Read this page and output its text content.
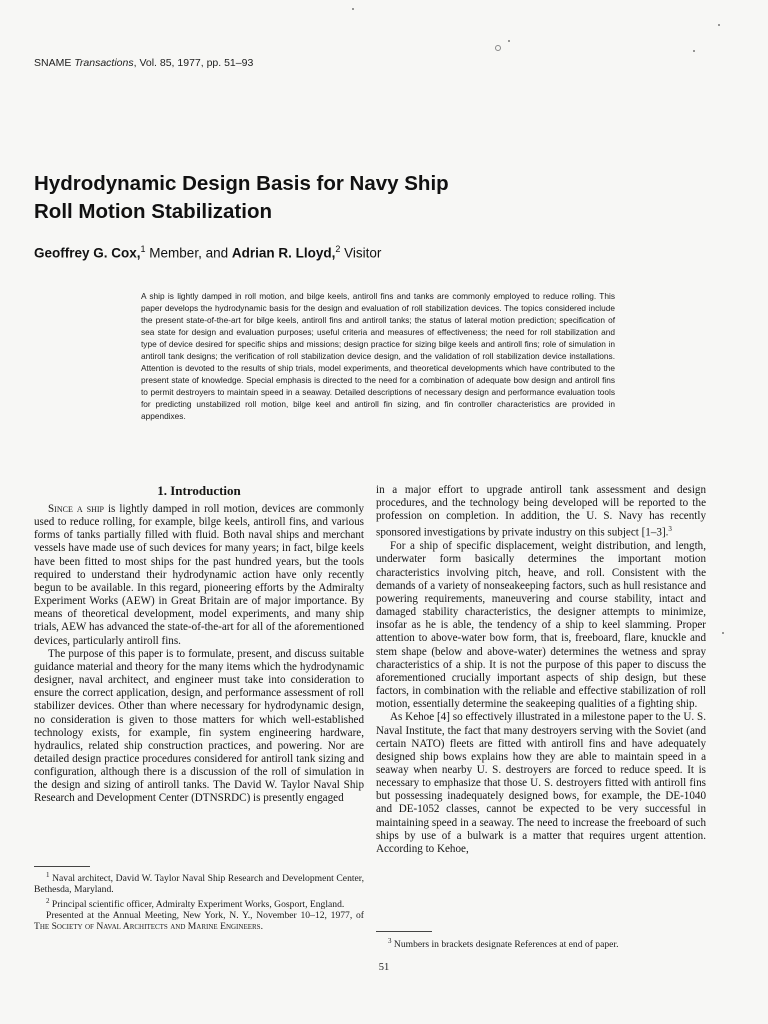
SNAME Transactions, Vol. 85, 1977, pp. 51–93
Hydrodynamic Design Basis for Navy Ship
Roll Motion Stabilization
Geoffrey G. Cox,$^1$ Member, and Adrian R. Lloyd,$^2$ Visitor

A ship is lightly damped in roll motion, and bilge keels, antiroll fins and tanks are commonly employed to reduce rolling. This paper develops the hydrodynamic basis for the design and evaluation of roll stabilization devices. The topics considered include the present state-of-the-art for bilge keels, antiroll fins and antiroll tanks; the status of lateral motion prediction; specification of sea state for design and evaluation purposes; useful criteria and measures of effectiveness; the need for roll stabilization and type of device desired for specific ships and missions; design practice for sizing bilge keels and antiroll fins; role of simulation in antiroll tank designs; the verification of roll stabilization device design, and the validation of roll stabilization device installations. Attention is devoted to the results of ship trials, model experiments, and theoretical developments which have contributed to the present state of knowledge. Special emphasis is directed to the need for a combination of adequate bow design and antiroll fins to permit destroyers to maintain speed in a seaway. Detailed descriptions of necessary design and performance evaluation tools for predicting unstabilized roll motion, bilge keel and antiroll fin sizing, and fin controller characteristics are provided in appendixes.

1. Introduction

Since a ship is lightly damped in roll motion, devices are commonly used to reduce rolling, for example, bilge keels, antiroll fins, and various forms of tanks partially filled with fluid. Both naval ships and merchant vessels have made use of such devices for many years; in fact, bilge keels have been fitted to most ships for the past hundred years, but the tools required to understand their hydrodynamic action have only recently begun to be available. In this regard, pioneering efforts by the Admiralty Experiment Works (AEW) in Great Britain are of major importance. By means of theoretical development, model experiments, and many ship trials, AEW has advanced the state-of-the-art for all of the aforementioned devices, particularly antiroll fins.

The purpose of this paper is to formulate, present, and discuss suitable guidance material and theory for the many items which the hydrodynamic designer, naval architect, and engineer must take into consideration to ensure the correct application, design, and performance assessment of roll stabilizer devices. Other than where necessary for hydrodynamic design, no consideration is given to those matters for which well-established technology exists, for example, fin system engineering hardware, hydraulics, related ship construction practices, and powering. Nor are detailed design practice procedures considered for antiroll tank sizing and configuration, although there is a discussion of the roll of simulation in the design and sizing of antiroll tanks. The David W. Taylor Naval Ship Research and Development Center (DTNSRDC) is presently engaged

in a major effort to upgrade antiroll tank assessment and design procedures, and the technology being developed will be reported to the profession on completion. In addition, the U. S. Navy has recently sponsored investigations by private industry on this subject [1–3].$^3$

For a ship of specific displacement, weight distribution, and length, underwater form basically determines the important motion characteristics involving pitch, heave, and roll. Consistent with the demands of a variety of nonseakeeping factors, such as hull resistance and powering requirements, maneuvering and course stability, intact and damaged stability characteristics, the designer attempts to minimize, insofar as he is able, the tendency of a ship to keel slamming. Proper attention to above-water bow form, that is, freeboard, flare, knuckle and stem shape (below and above-water) determines the wetness and spray characteristics of a ship. It is not the purpose of this paper to discuss the aforementioned crucially important aspects of ship design, but these factors, in combination with the reliable and effective stabilization of roll motion, essentially determine the seakeeping qualities of a fighting ship.

As Kehoe [4] so effectively illustrated in a milestone paper to the U. S. Naval Institute, the fact that many destroyers serving with the Soviet (and certain NATO) fleets are fitted with antiroll fins and have adequately designed ship bows explains how they are able to maintain speed in a seaway when nearby U. S. destroyers are forced to reduce speed. It is necessary to emphasize that those U. S. destroyers fitted with antiroll fins but possessing inadequately designed bows, for example, the DE-1040 and DE-1052 classes, cannot be expected to be very successful in maintaining speed in a seaway. The need to increase the freeboard of such ships by use of a bulwark is a matter that requires urgent attention. According to Kehoe,

$^1$ Naval architect, David W. Taylor Naval Ship Research and Development Center, Bethesda, Maryland.

$^2$ Principal scientific officer, Admiralty Experiment Works, Gosport, England.

Presented at the Annual Meeting, New York, N. Y., November 10–12, 1977, of The Society of Naval Architects and Marine Engineers.

$^3$ Numbers in brackets designate References at end of paper.

51
